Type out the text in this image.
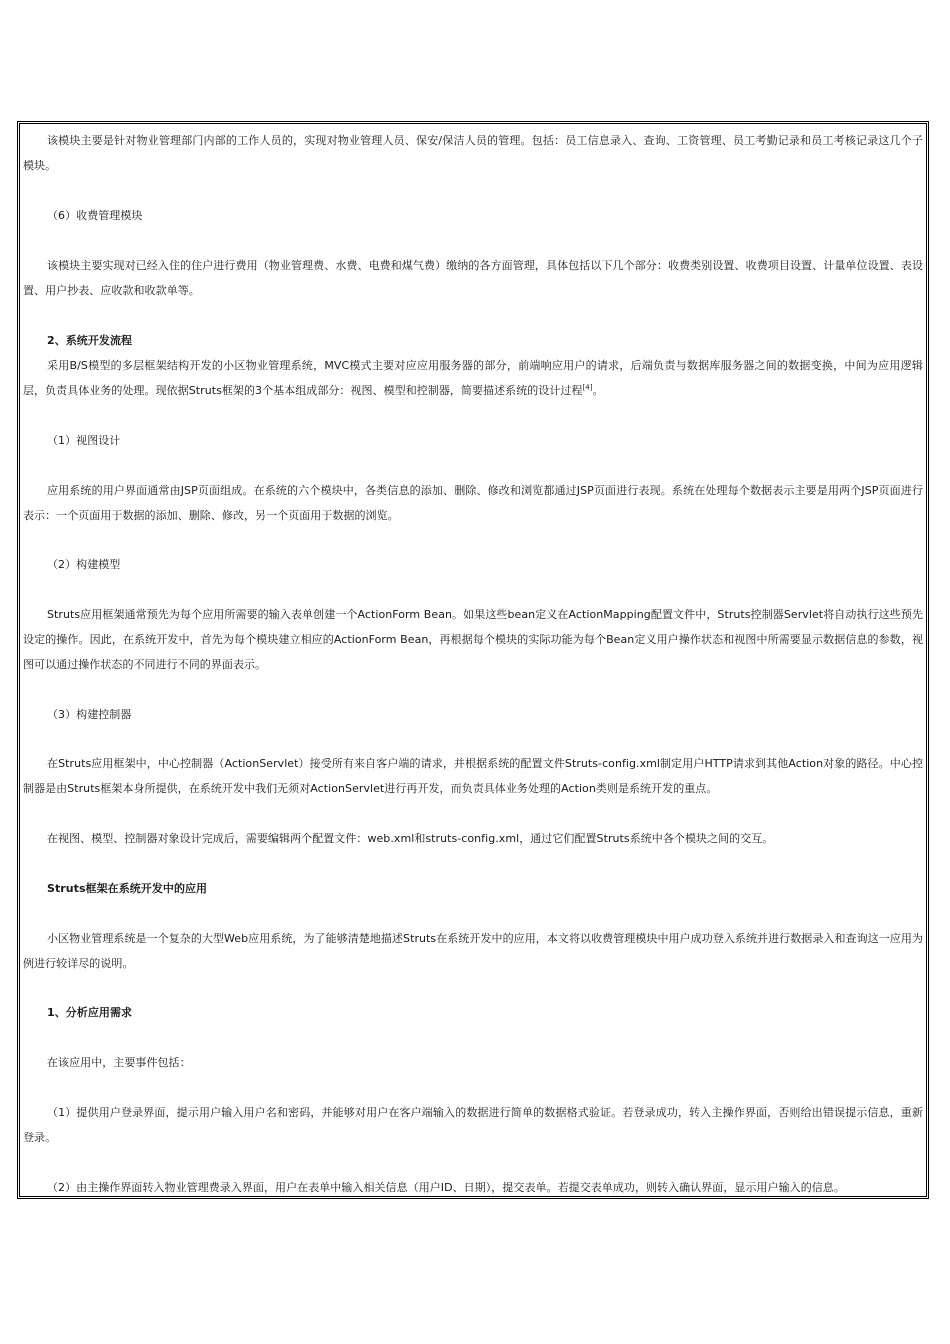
该模块主要是针对物业管理部门内部的工作人员的，实现对物业管理人员、保安/保洁人员的管理。包括：员工信息录入、查询、工资管理、员工考勤记录和员工考核记录这几个子模块。

（6）收费管理模块

该模块主要实现对已经入住的住户进行费用（物业管理费、水费、电费和煤气费）缴纳的各方面管理，具体包括以下几个部分：收费类别设置、收费项目设置、计量单位设置、表设置、用户抄表、应收款和收款单等。

2、系统开发流程

采用B/S模型的多层框架结构开发的小区物业管理系统，MVC模式主要对应应用服务器的部分，前端响应用户的请求，后端负责与数据库服务器之间的数据变换，中间为应用逻辑层，负责具体业务的处理。现依据Struts框架的3个基本组成部分：视图、模型和控制器，简要描述系统的设计过程[4]。

（1）视图设计

应用系统的用户界面通常由JSP页面组成。在系统的六个模块中，各类信息的添加、删除、修改和浏览都通过JSP页面进行表现。系统在处理每个数据表示主要是用两个JSP页面进行表示：一个页面用于数据的添加、删除、修改，另一个页面用于数据的浏览。

（2）构建模型

Struts应用框架通常预先为每个应用所需要的输入表单创建一个ActionForm Bean。如果这些bean定义在ActionMapping配置文件中，Struts控制器Servlet将自动执行这些预先设定的操作。因此，在系统开发中，首先为每个模块建立相应的ActionForm Bean，再根据每个模块的实际功能为每个Bean定义用户操作状态和视图中所需要显示数据信息的参数，视图可以通过操作状态的不同进行不同的界面表示。

（3）构建控制器

在Struts应用框架中，中心控制器（ActionServlet）接受所有来自客户端的请求，并根据系统的配置文件Struts-config.xml制定用户HTTP请求到其他Action对象的路径。中心控制器是由Struts框架本身所提供，在系统开发中我们无须对ActionServlet进行再开发，而负责具体业务处理的Action类则是系统开发的重点。

在视图、模型、控制器对象设计完成后，需要编辑两个配置文件：web.xml和struts-config.xml，通过它们配置Struts系统中各个模块之间的交互。

Struts框架在系统开发中的应用

小区物业管理系统是一个复杂的大型Web应用系统，为了能够清楚地描述Struts在系统开发中的应用，本文将以收费管理模块中用户成功登入系统并进行数据录入和查询这一应用为例进行较详尽的说明。

1、分析应用需求

在该应用中，主要事件包括：

（1）提供用户登录界面，提示用户输入用户名和密码，并能够对用户在客户端输入的数据进行简单的数据格式验证。若登录成功，转入主操作界面，否则给出错误提示信息，重新登录。

（2）由主操作界面转入物业管理费录入界面，用户在表单中输入相关信息（用户ID、日期），提交表单。若提交表单成功，则转入确认界面，显示用户输入的信息。
